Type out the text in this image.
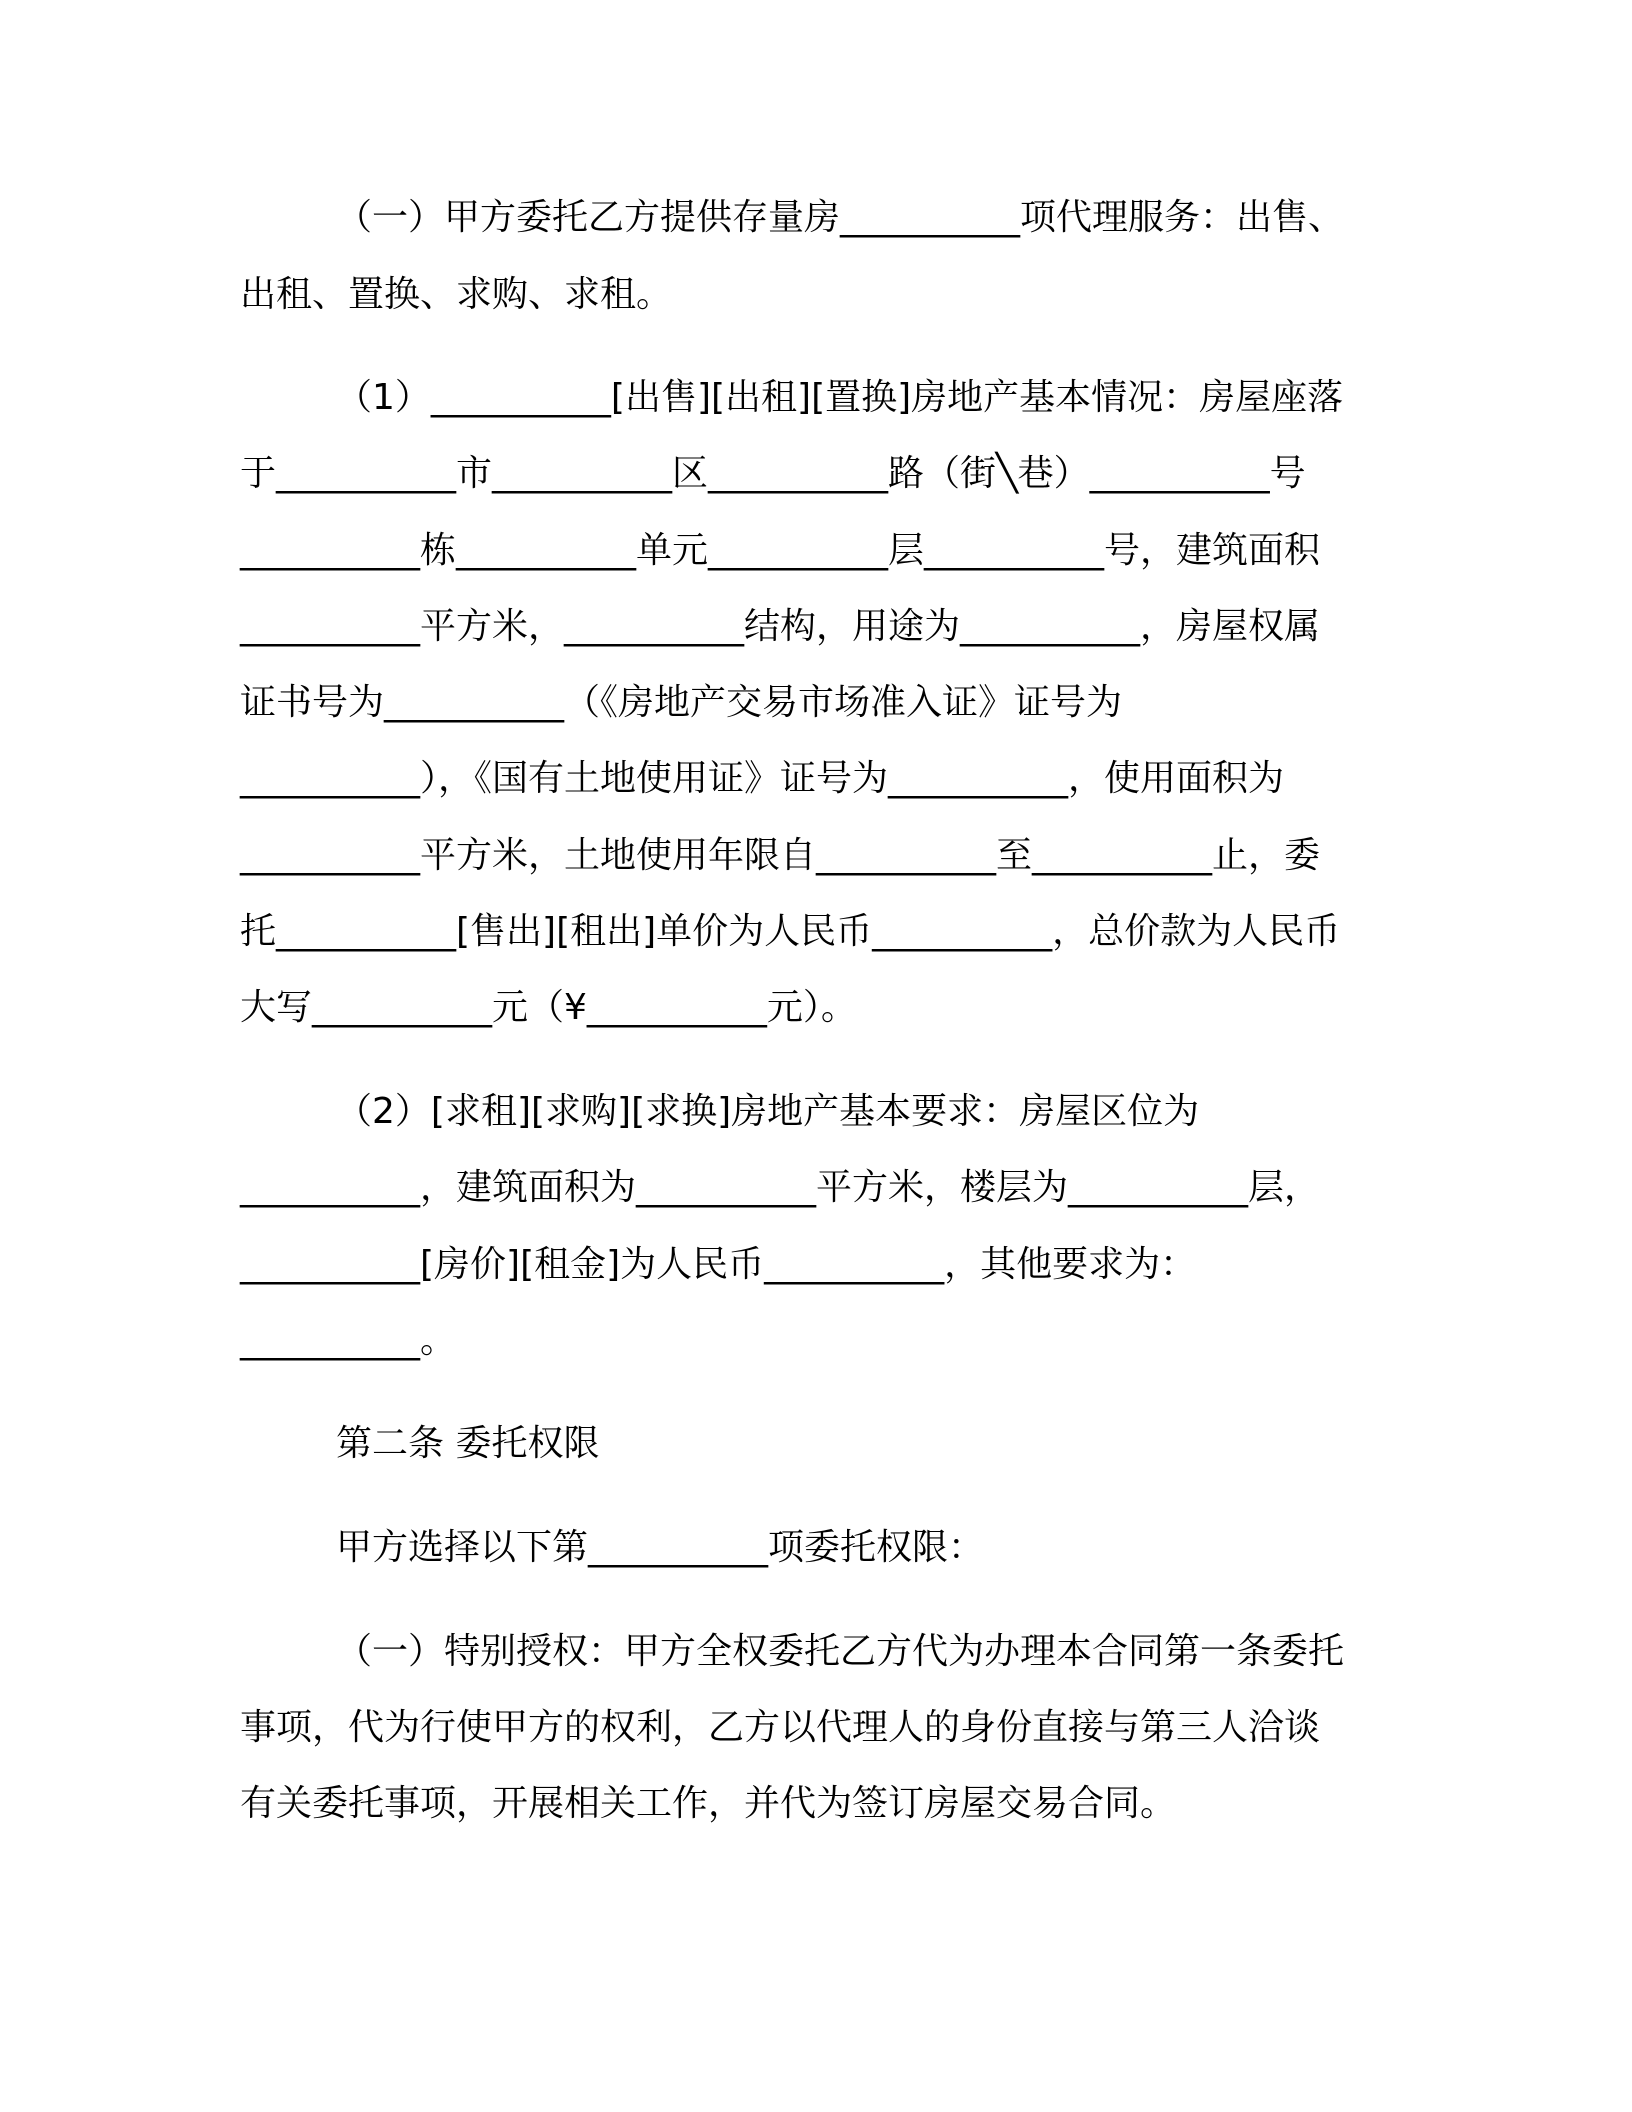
（一）甲方委托乙方提供存量房__________项代理服务：出售、
出租、置换、求购、求租。
（1）__________[出售][出租][置换]房地产基本情况：房屋座落
于__________市__________区__________路（街╲巷）__________号
__________栋__________单元__________层__________号，建筑面积
__________平方米，__________结构，用途为__________，房屋权属
证书号为__________（《房地产交易市场准入证》证号为
__________），《国有土地使用证》证号为__________，使用面积为
__________平方米，土地使用年限自__________至__________止，委
托__________[售出][租出]单价为人民币__________，总价款为人民币
大写__________元（¥__________元）。
（2）[求租][求购][求换]房地产基本要求：房屋区位为
__________，建筑面积为__________平方米，楼层为__________层，
__________[房价][租金]为人民币__________，其他要求为：
__________。
第二条 委托权限
甲方选择以下第__________项委托权限：
（一）特别授权：甲方全权委托乙方代为办理本合同第一条委托
事项，代为行使甲方的权利，乙方以代理人的身份直接与第三人洽谈
有关委托事项，开展相关工作，并代为签订房屋交易合同。
